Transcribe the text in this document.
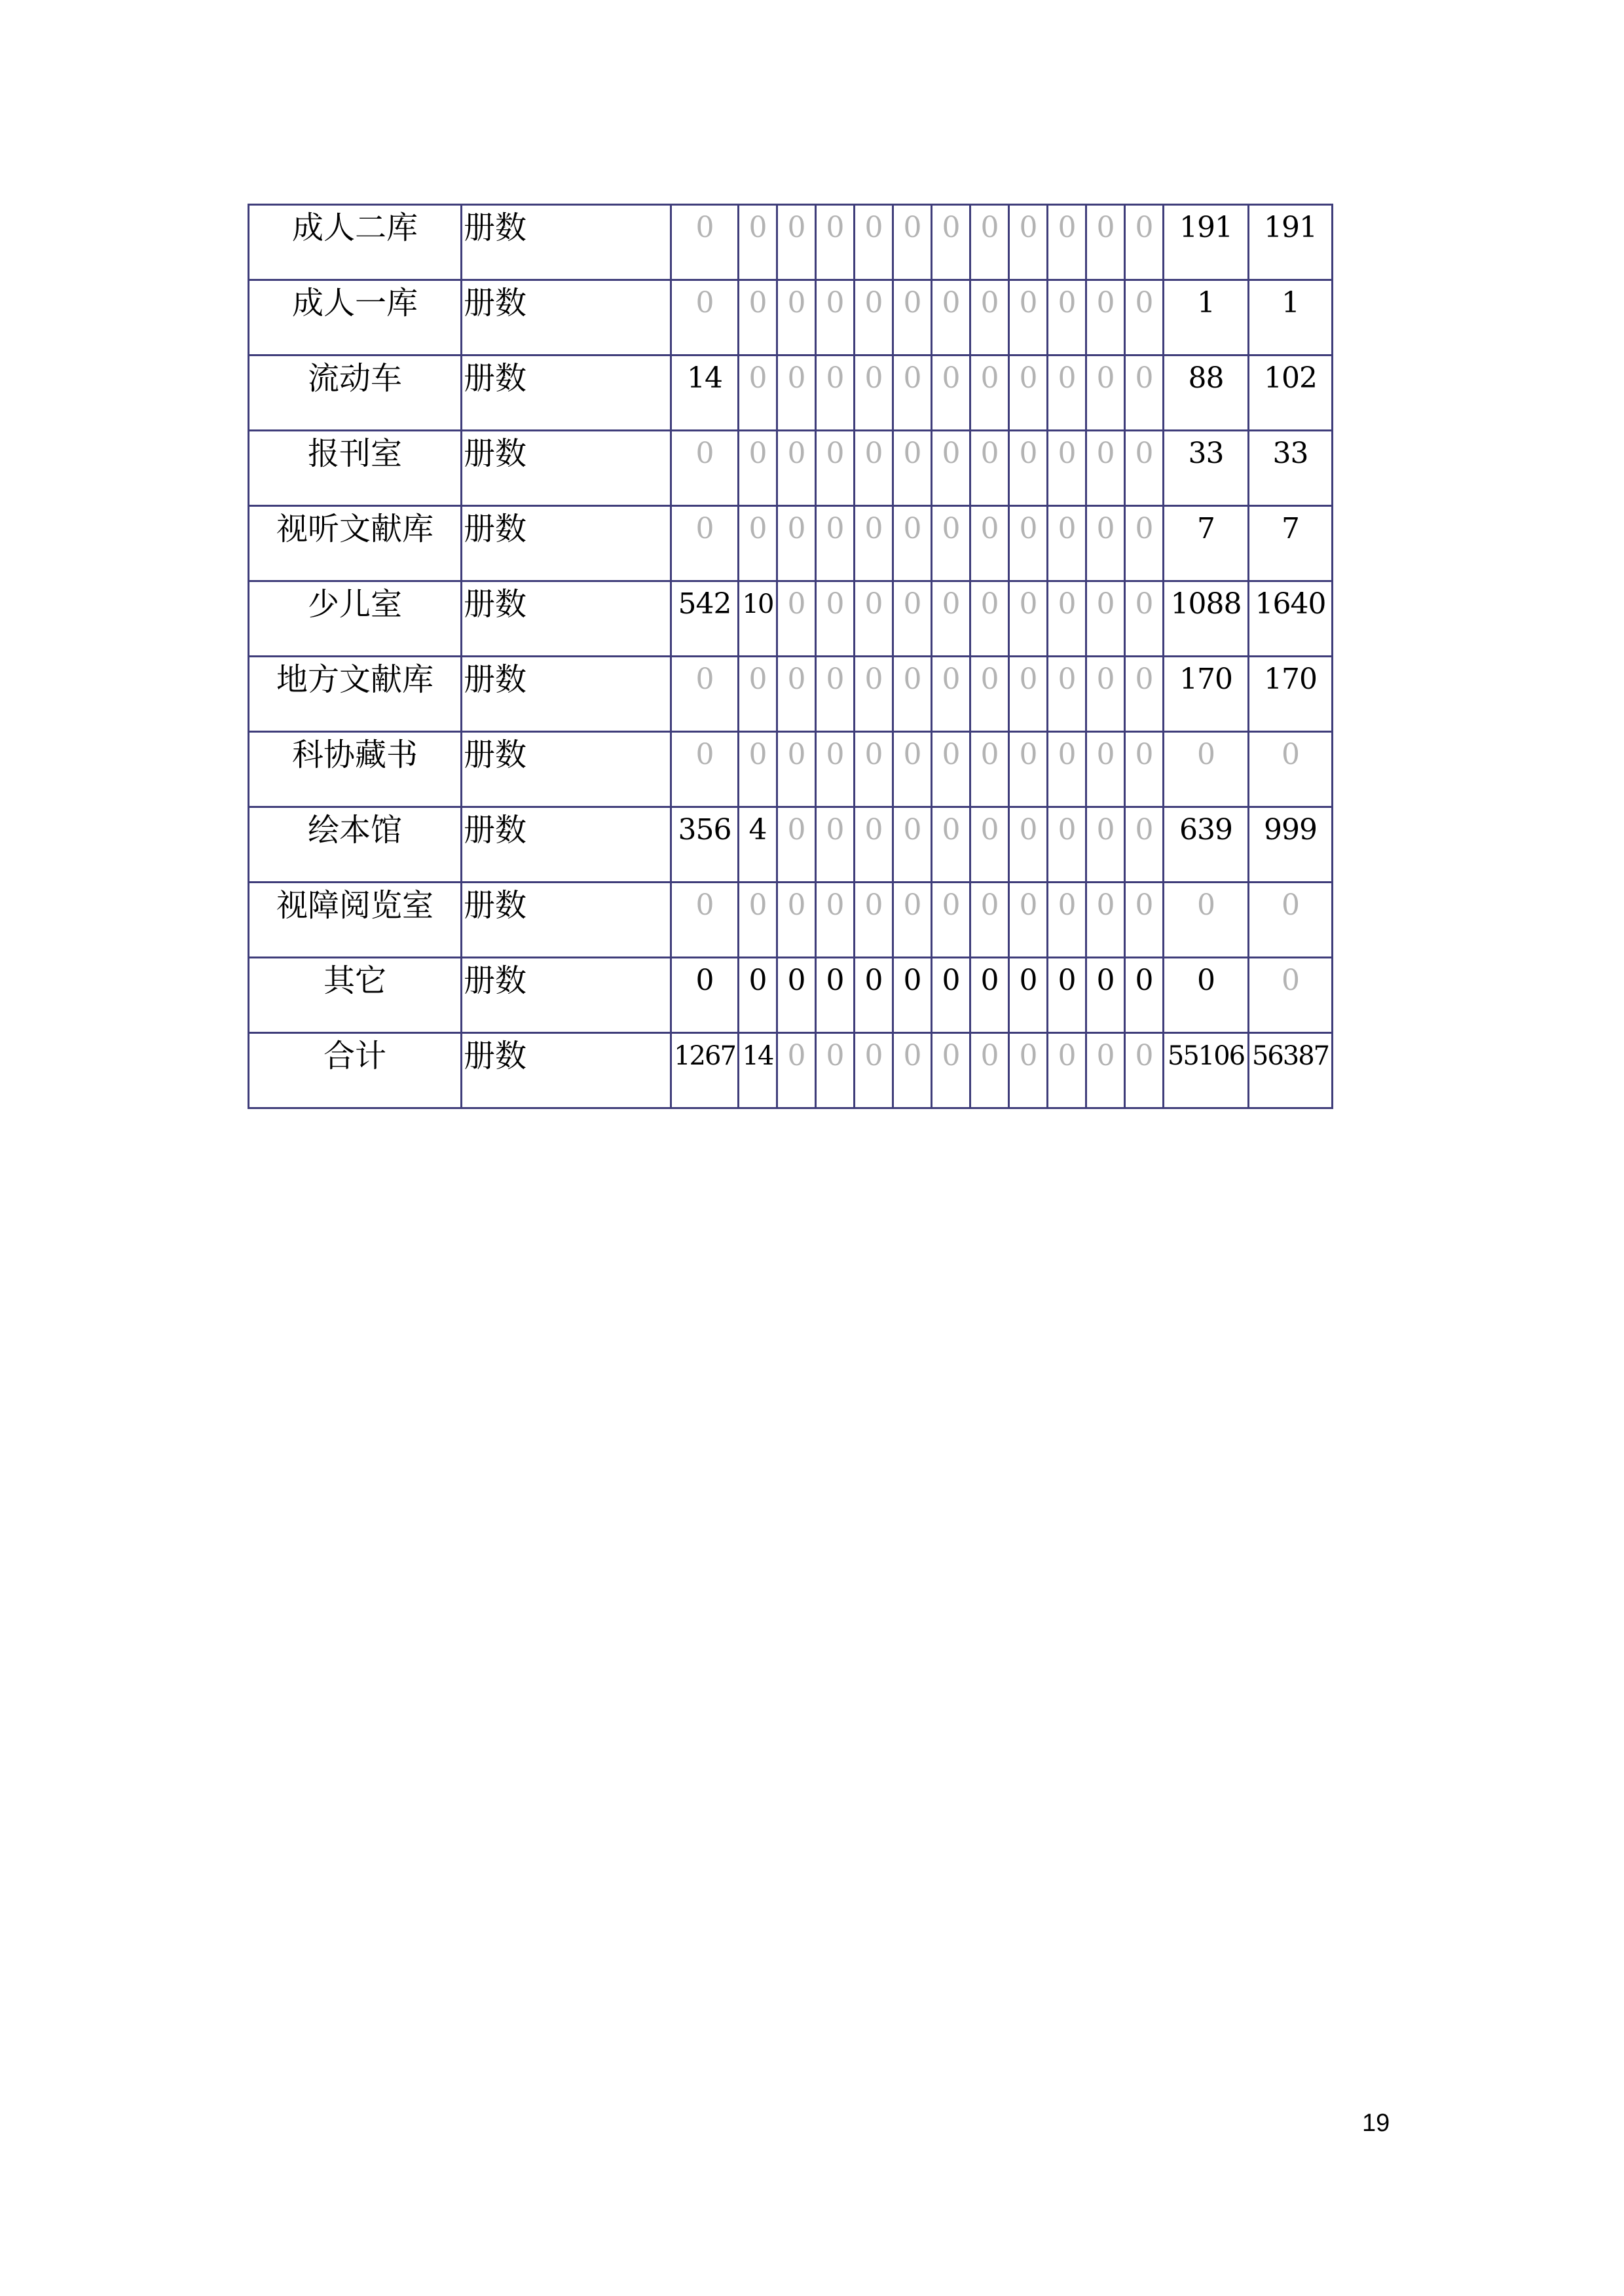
成人二库	册数	0	0	0	0	0	0	0	0	0	0	0	0	191	191
成人一库	册数	0	0	0	0	0	0	0	0	0	0	0	0	1	1
流动车	册数	14	0	0	0	0	0	0	0	0	0	0	0	88	102
报刊室	册数	0	0	0	0	0	0	0	0	0	0	0	0	33	33
视听文献库	册数	0	0	0	0	0	0	0	0	0	0	0	0	7	7
少儿室	册数	542	10	0	0	0	0	0	0	0	0	0	0	1088	1640
地方文献库	册数	0	0	0	0	0	0	0	0	0	0	0	0	170	170
科协藏书	册数	0	0	0	0	0	0	0	0	0	0	0	0	0	0
绘本馆	册数	356	4	0	0	0	0	0	0	0	0	0	0	639	999
视障阅览室	册数	0	0	0	0	0	0	0	0	0	0	0	0	0	0
其它	册数	0	0	0	0	0	0	0	0	0	0	0	0	0	0
合计	册数	1267	14	0	0	0	0	0	0	0	0	0	0	55106	56387
19
